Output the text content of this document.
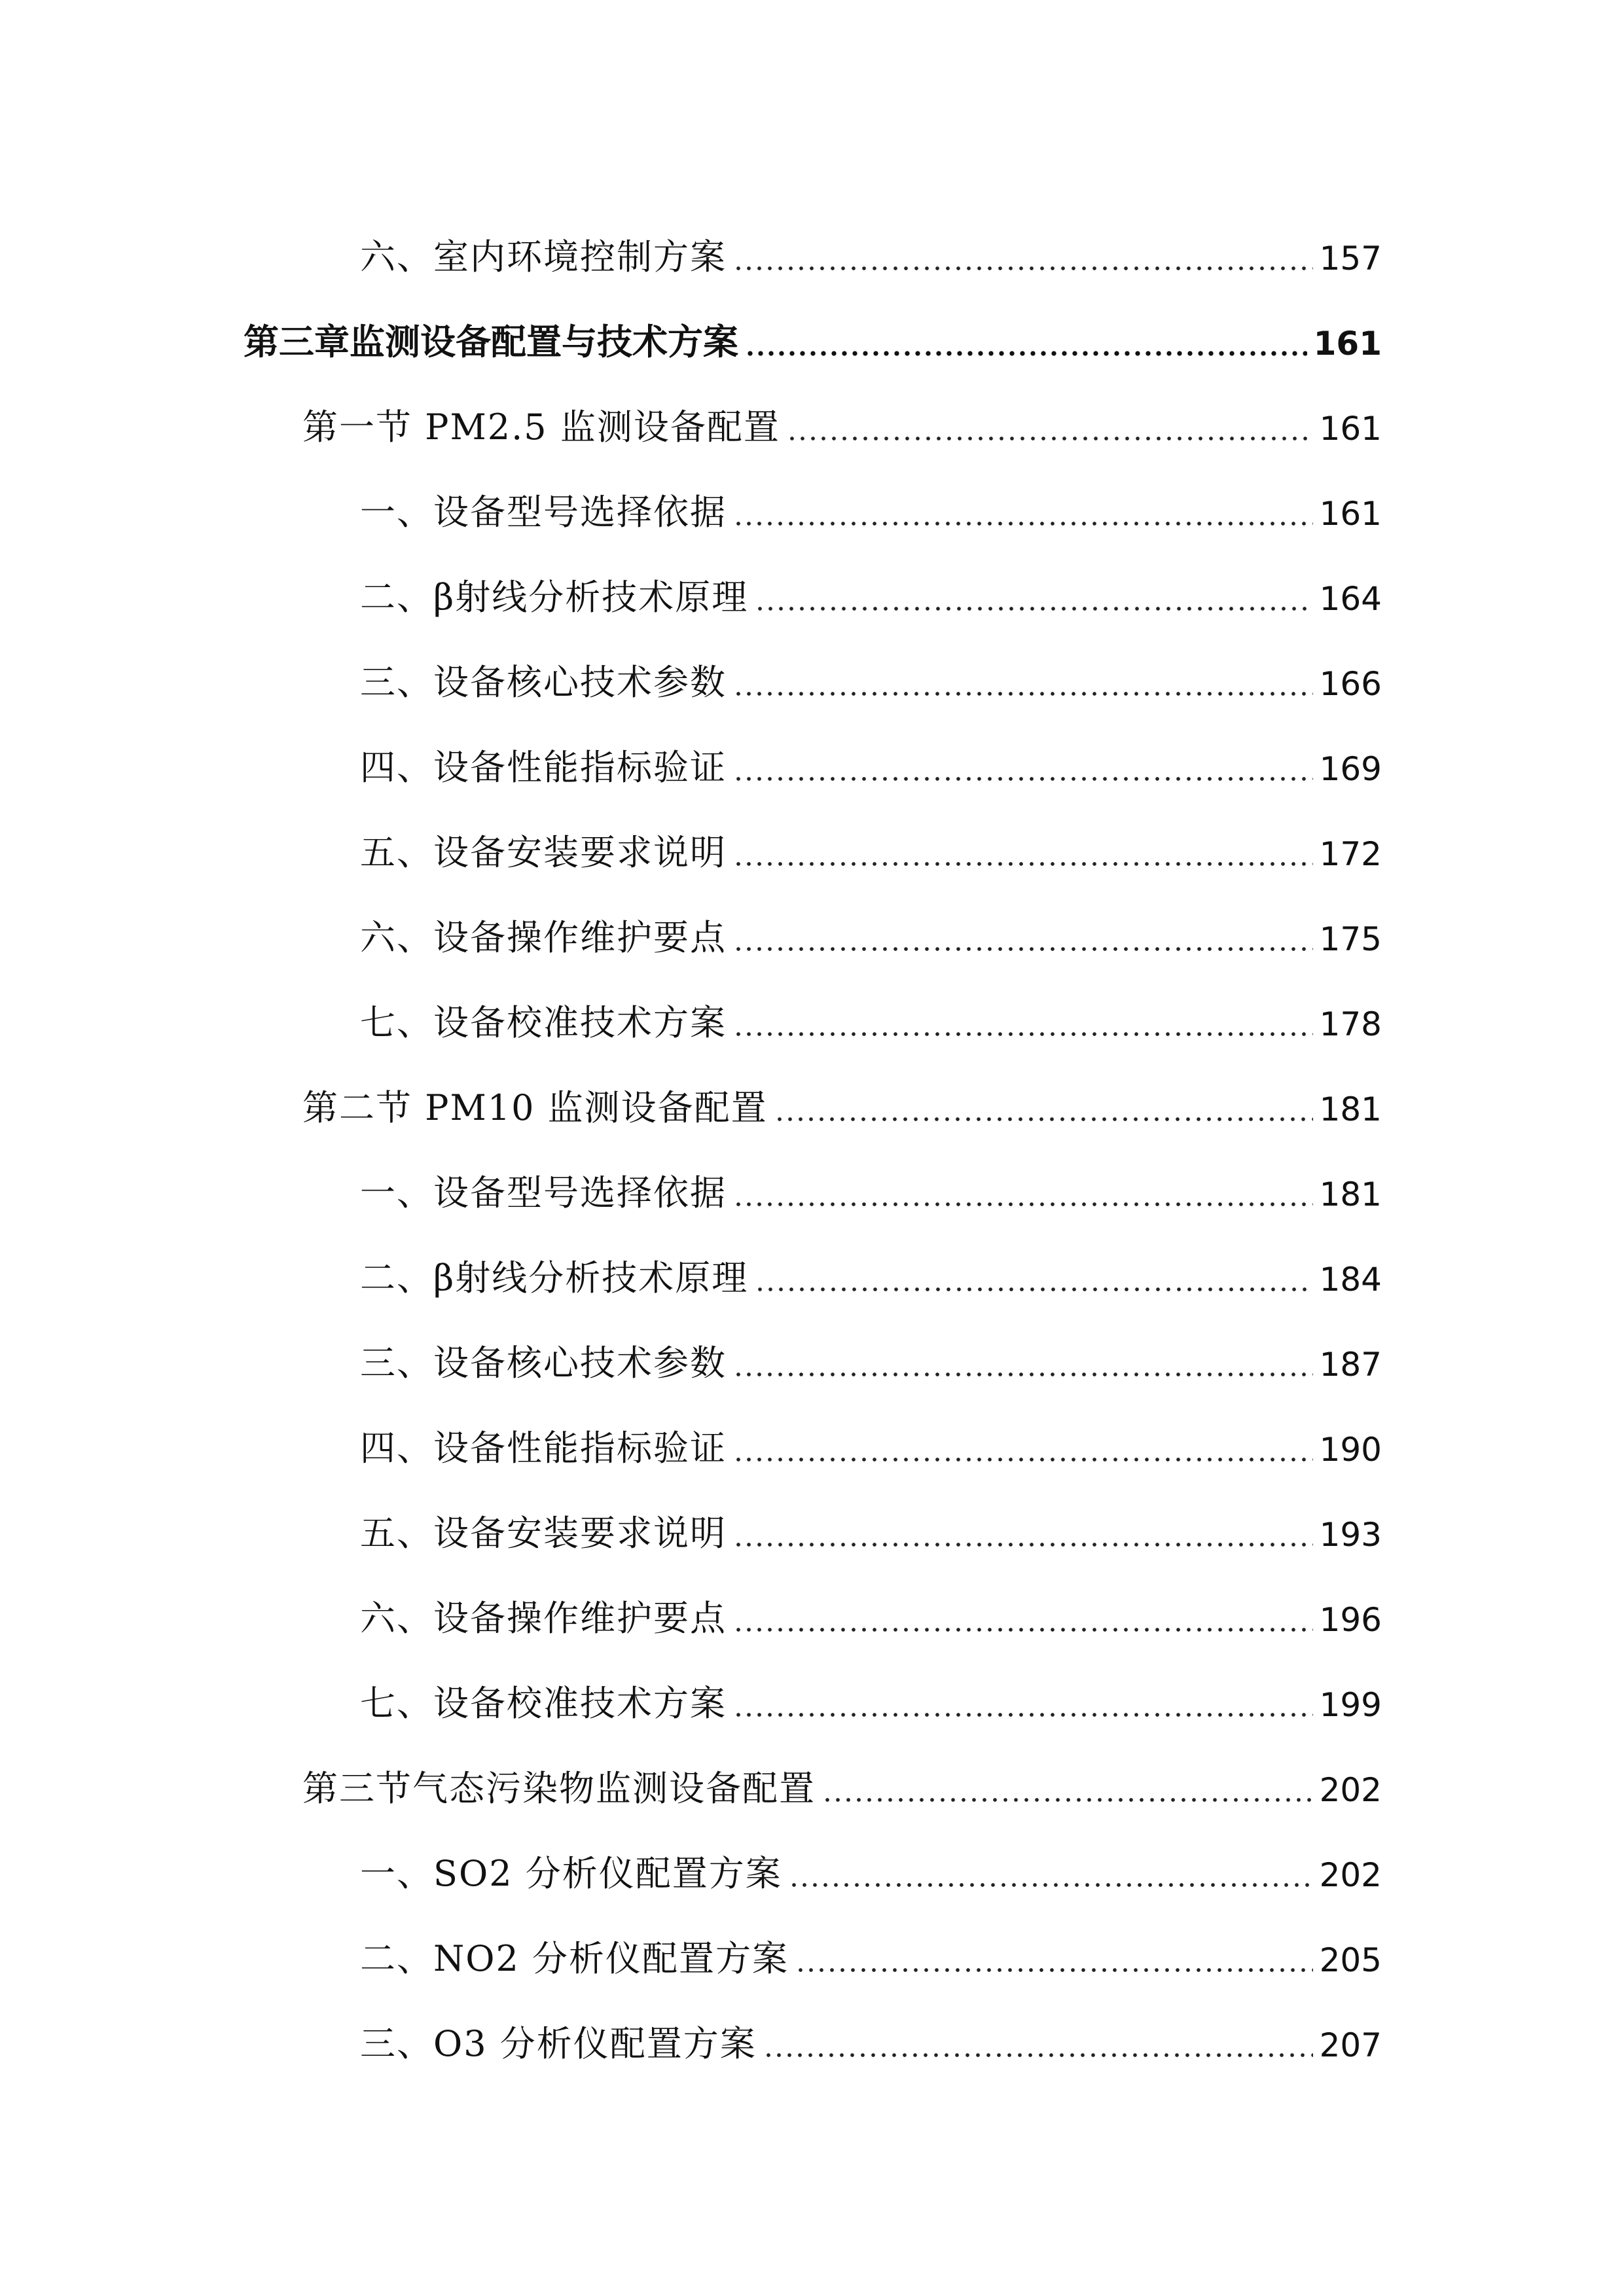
六、室内环境控制方案	157
第三章监测设备配置与技术方案	161
第一节 PM2.5 监测设备配置	161
一、设备型号选择依据	161
二、β射线分析技术原理	164
三、设备核心技术参数	166
四、设备性能指标验证	169
五、设备安装要求说明	172
六、设备操作维护要点	175
七、设备校准技术方案	178
第二节 PM10 监测设备配置	181
一、设备型号选择依据	181
二、β射线分析技术原理	184
三、设备核心技术参数	187
四、设备性能指标验证	190
五、设备安装要求说明	193
六、设备操作维护要点	196
七、设备校准技术方案	199
第三节气态污染物监测设备配置	202
一、SO2 分析仪配置方案	202
二、NO2 分析仪配置方案	205
三、O3 分析仪配置方案	207
